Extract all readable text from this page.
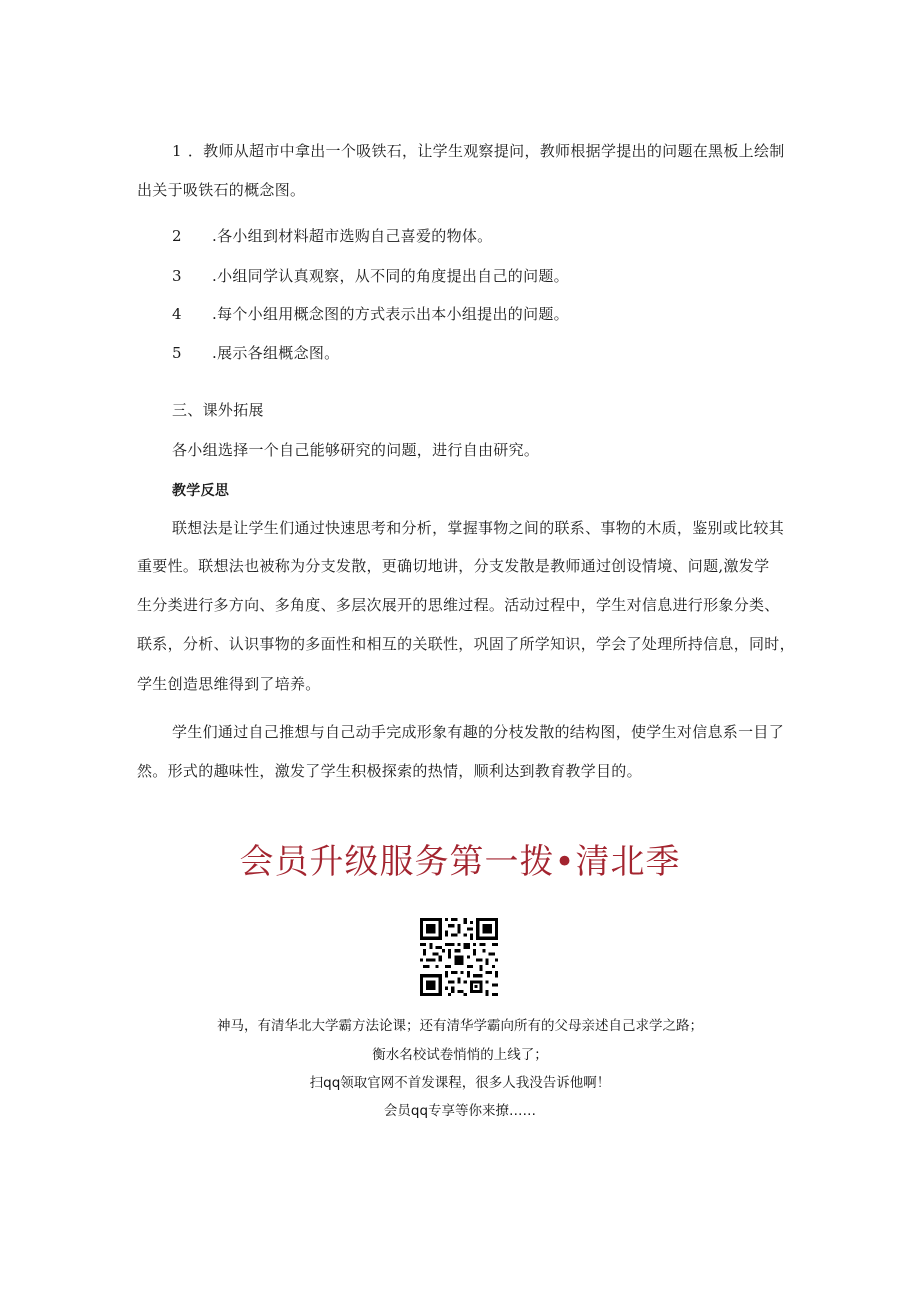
1 ．教师从超市中拿出一个吸铁石，让学生观察提问，教师根据学提出的问题在黑板上绘制
出关于吸铁石的概念图。
2 .各小组到材料超市选购自己喜爱的物体。
3 .小组同学认真观察，从不同的角度提出自己的问题。
4 .每个小组用概念图的方式表示出本小组提出的问题。
5 .展示各组概念图。
三、课外拓展
各小组选择一个自己能够研究的问题，进行自由研究。
教学反思
联想法是让学生们通过快速思考和分析，掌握事物之间的联系、事物的木质，鉴别或比较其
重要性。联想法也被称为分支发散，更确切地讲，分支发散是教师通过创设情境、问题,激发学
生分类进行多方向、多角度、多层次展开的思维过程。活动过程中，学生对信息进行形象分类、
联系，分析、认识事物的多面性和相互的关联性，巩固了所学知识，学会了处理所持信息，同时，
学生创造思维得到了培养。
学生们通过自己推想与自己动手完成形象有趣的分枝发散的结构图，使学生对信息系一目了
然。形式的趣味性，激发了学生积极探索的热情，顺利达到教育教学目的。
会员升级服务第一拨•清北季
神马，有清华北大学霸方法论课；还有清华学霸向所有的父母亲述自己求学之路；
衡水名校试卷悄悄的上线了；
扫qq领取官网不首发课程，很多人我没告诉他啊！
会员qq专享等你来撩……
